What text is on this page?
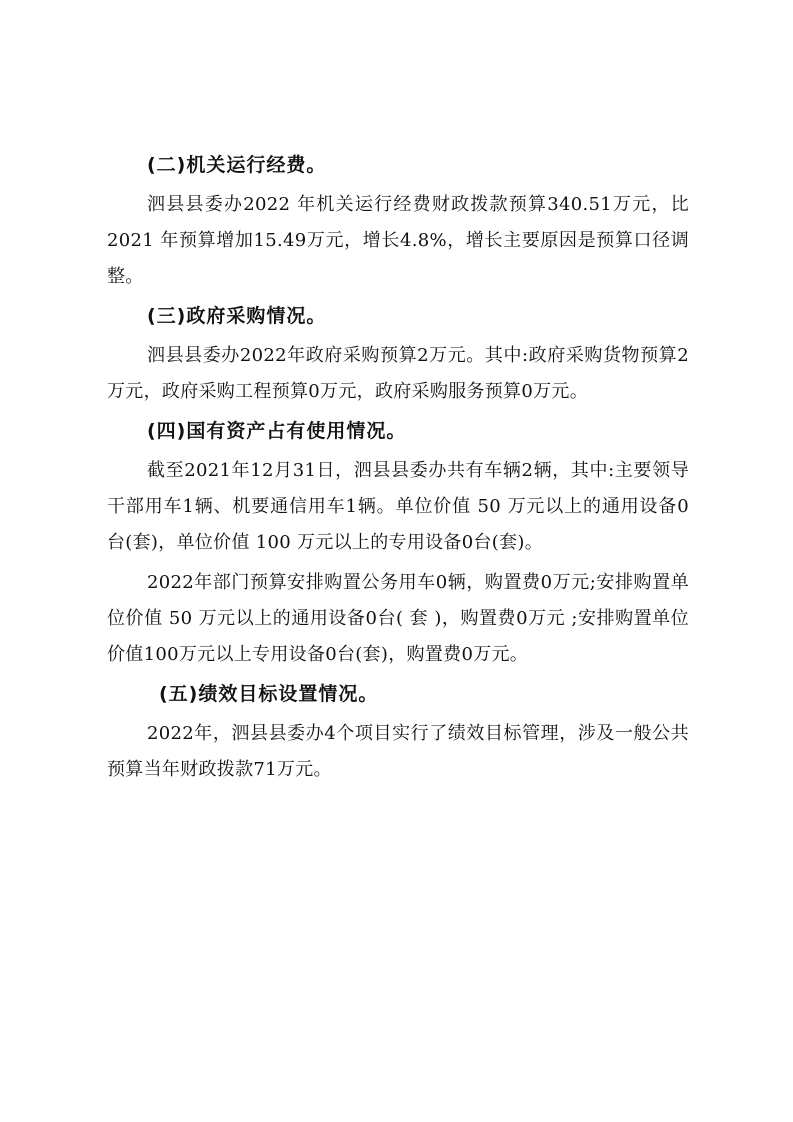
(二)机关运行经费。

泗县县委办2022 年机关运行经费财政拨款预算340.51万元，比 2021 年预算增加15.49万元，增长4.8%，增长主要原因是预算口径调整。

(三)政府采购情况。

泗县县委办2022年政府采购预算2万元。其中:政府采购货物预算2万元，政府采购工程预算0万元，政府采购服务预算0万元。

(四)国有资产占有使用情况。

截至2021年12月31日，泗县县委办共有车辆2辆，其中:主要领导干部用车1辆、机要通信用车1辆。单位价值 50 万元以上的通用设备0台(套)，单位价值 100 万元以上的专用设备0台(套)。

2022年部门预算安排购置公务用车0辆，购置费0万元;安排购置单位价值 50 万元以上的通用设备0台( 套 )，购置费0万元 ;安排购置单位价值100万元以上专用设备0台(套)，购置费0万元。

(五)绩效目标设置情况。

2022年，泗县县委办4个项目实行了绩效目标管理，涉及一般公共预算当年财政拨款71万元。
